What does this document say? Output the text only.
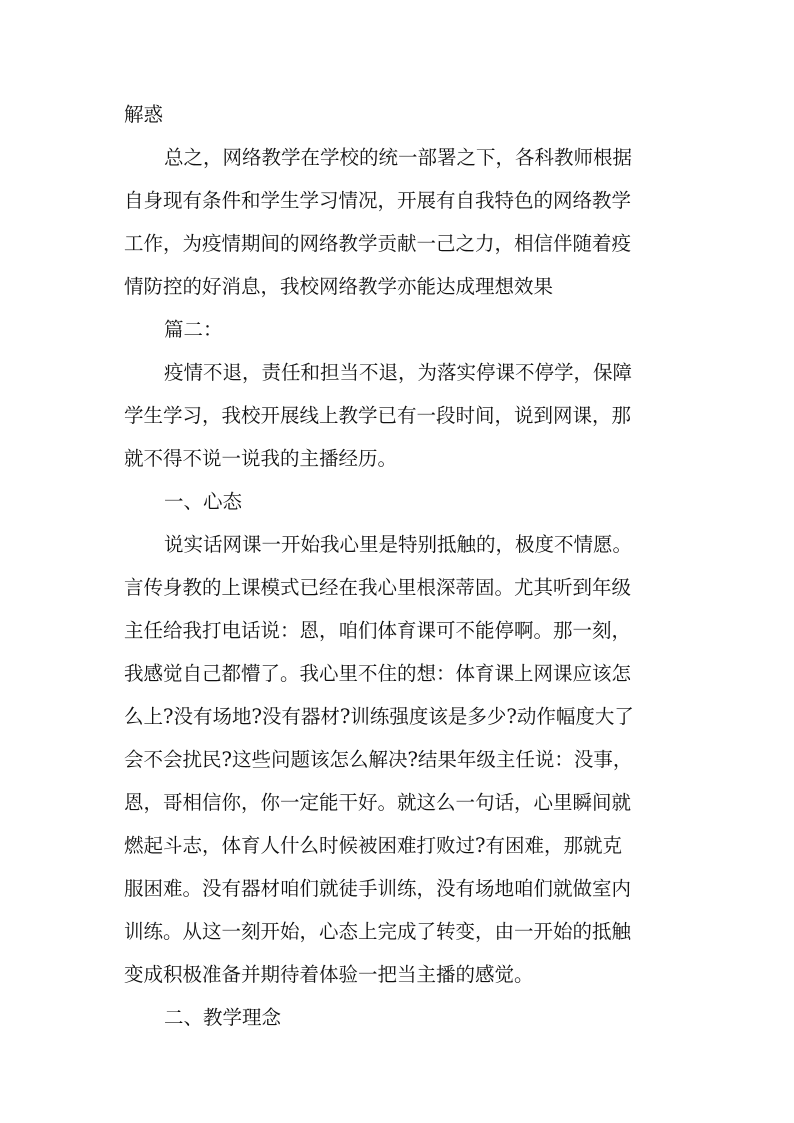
解惑
总之，网络教学在学校的统一部署之下，各科教师根据
自身现有条件和学生学习情况，开展有自我特色的网络教学
工作，为疫情期间的网络教学贡献一己之力，相信伴随着疫
情防控的好消息，我校网络教学亦能达成理想效果
篇二：
疫情不退，责任和担当不退，为落实停课不停学，保障
学生学习，我校开展线上教学已有一段时间，说到网课，那
就不得不说一说我的主播经历。
一、心态
说实话网课一开始我心里是特别抵触的，极度不情愿。
言传身教的上课模式已经在我心里根深蒂固。尤其听到年级
主任给我打电话说：恩，咱们体育课可不能停啊。那一刻，
我感觉自己都懵了。我心里不住的想：体育课上网课应该怎
么上?没有场地?没有器材?训练强度该是多少?动作幅度大了
会不会扰民?这些问题该怎么解决?结果年级主任说：没事，
恩，哥相信你，你一定能干好。就这么一句话，心里瞬间就
燃起斗志，体育人什么时候被困难打败过?有困难，那就克
服困难。没有器材咱们就徒手训练，没有场地咱们就做室内
训练。从这一刻开始，心态上完成了转变，由一开始的抵触
变成积极准备并期待着体验一把当主播的感觉。
二、教学理念
